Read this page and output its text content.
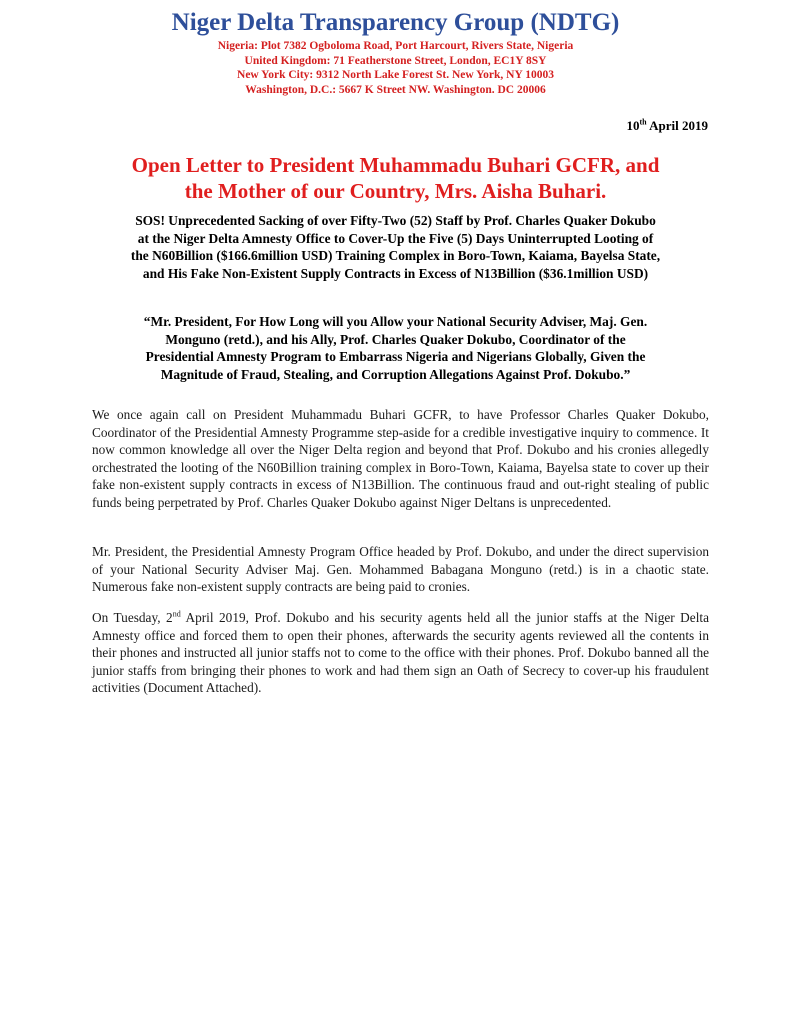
Niger Delta Transparency Group (NDTG)
Nigeria: Plot 7382 Ogboloma Road, Port Harcourt, Rivers State, Nigeria
United Kingdom: 71 Featherstone Street, London, EC1Y 8SY
New York City: 9312 North Lake Forest St. New York, NY 10003
Washington, D.C.: 5667 K Street NW. Washington. DC 20006
10th April 2019
Open Letter to President Muhammadu Buhari GCFR, and
the Mother of our Country, Mrs. Aisha Buhari.
SOS! Unprecedented Sacking of over Fifty-Two (52) Staff by Prof. Charles Quaker Dokubo
at the Niger Delta Amnesty Office to Cover-Up the Five (5) Days Uninterrupted Looting of
the N60Billion ($166.6million USD) Training Complex in Boro-Town, Kaiama, Bayelsa State,
and His Fake Non-Existent Supply Contracts in Excess of N13Billion ($36.1million USD)
“Mr. President, For How Long will you Allow your National Security Adviser, Maj. Gen.
Monguno (retd.), and his Ally, Prof. Charles Quaker Dokubo, Coordinator of the
Presidential Amnesty Program to Embarrass Nigeria and Nigerians Globally, Given the
Magnitude of Fraud, Stealing, and Corruption Allegations Against Prof. Dokubo.”

We once again call on President Muhammadu Buhari GCFR, to have Professor Charles Quaker Dokubo, Coordinator of the Presidential Amnesty Programme step-aside for a credible investigative inquiry to commence. It now common knowledge all over the Niger Delta region and beyond that Prof. Dokubo and his cronies allegedly orchestrated the looting of the N60Billion training complex in Boro-Town, Kaiama, Bayelsa state to cover up their fake non-existent supply contracts in excess of N13Billion. The continuous fraud and out-right stealing of public funds being perpetrated by Prof. Charles Quaker Dokubo against Niger Deltans is unprecedented.

Mr. President, the Presidential Amnesty Program Office headed by Prof. Dokubo, and under the direct supervision of your National Security Adviser Maj. Gen. Mohammed Babagana Monguno (retd.) is in a chaotic state. Numerous fake non-existent supply contracts are being paid to cronies.

On Tuesday, 2nd April 2019, Prof. Dokubo and his security agents held all the junior staffs at the Niger Delta Amnesty office and forced them to open their phones, afterwards the security agents reviewed all the contents in their phones and instructed all junior staffs not to come to the office with their phones. Prof. Dokubo banned all the junior staffs from bringing their phones to work and had them sign an Oath of Secrecy to cover-up his fraudulent activities (Document Attached).
